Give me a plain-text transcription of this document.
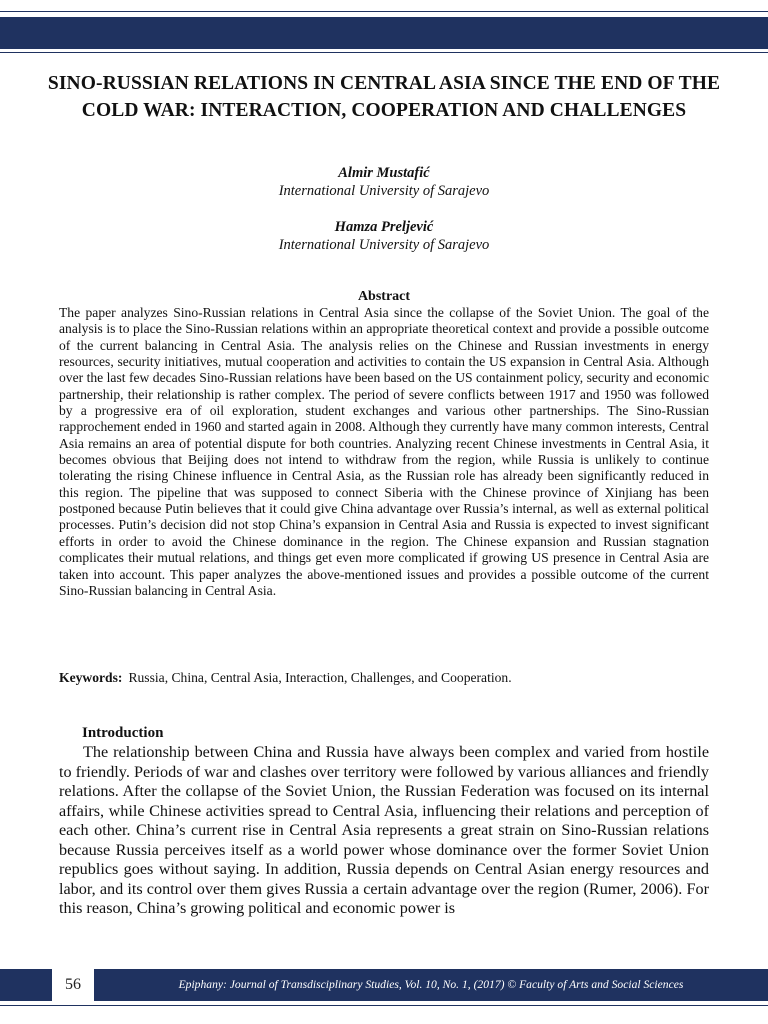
SINO-RUSSIAN RELATIONS IN CENTRAL ASIA SINCE THE END OF THE COLD WAR: INTERACTION, COOPERATION AND CHALLENGES
Almir Mustafić
International University of Sarajevo
Hamza Preljević
International University of Sarajevo
Abstract
The paper analyzes Sino-Russian relations in Central Asia since the collapse of the Soviet Union. The goal of the analysis is to place the Sino-Russian relations within an appropriate theoretical context and provide a possible outcome of the current balancing in Central Asia. The analysis relies on the Chinese and Russian investments in energy resources, security initiatives, mutual cooperation and activities to contain the US expansion in Central Asia. Although over the last few decades Sino-Russian relations have been based on the US containment policy, security and economic partnership, their relationship is rather complex. The period of severe conflicts between 1917 and 1950 was followed by a progressive era of oil exploration, student exchanges and various other partnerships. The Sino-Russian rapprochement ended in 1960 and started again in 2008. Although they currently have many common interests, Central Asia remains an area of potential dispute for both countries. Analyzing recent Chinese investments in Central Asia, it becomes obvious that Beijing does not intend to withdraw from the region, while Russia is unlikely to continue tolerating the rising Chinese influence in Central Asia, as the Russian role has already been significantly reduced in this region. The pipeline that was supposed to connect Siberia with the Chinese province of Xinjiang has been postponed because Putin believes that it could give China advantage over Russia’s internal, as well as external political processes. Putin’s decision did not stop China’s expansion in Central Asia and Russia is expected to invest significant efforts in order to avoid the Chinese dominance in the region. The Chinese expansion and Russian stagnation complicates their mutual relations, and things get even more complicated if growing US presence in Central Asia are taken into account. This paper analyzes the above-mentioned issues and provides a possible outcome of the current Sino-Russian balancing in Central Asia.
Keywords: Russia, China, Central Asia, Interaction, Challenges, and Cooperation.
Introduction
The relationship between China and Russia have always been complex and varied from hostile to friendly. Periods of war and clashes over territory were followed by various alliances and friendly relations. After the collapse of the Soviet Union, the Russian Federation was focused on its internal affairs, while Chinese activities spread to Central Asia, influencing their relations and perception of each other. China’s current rise in Central Asia represents a great strain on Sino-Russian relations because Russia perceives itself as a world power whose dominance over the former Soviet Union republics goes without saying. In addition, Russia depends on Central Asian energy resources and labor, and its control over them gives Russia a certain advantage over the region (Rumer, 2006). For this reason, China’s growing political and economic power is
56	Epiphany: Journal of Transdisciplinary Studies, Vol. 10, No. 1, (2017) © Faculty of Arts and Social Sciences
